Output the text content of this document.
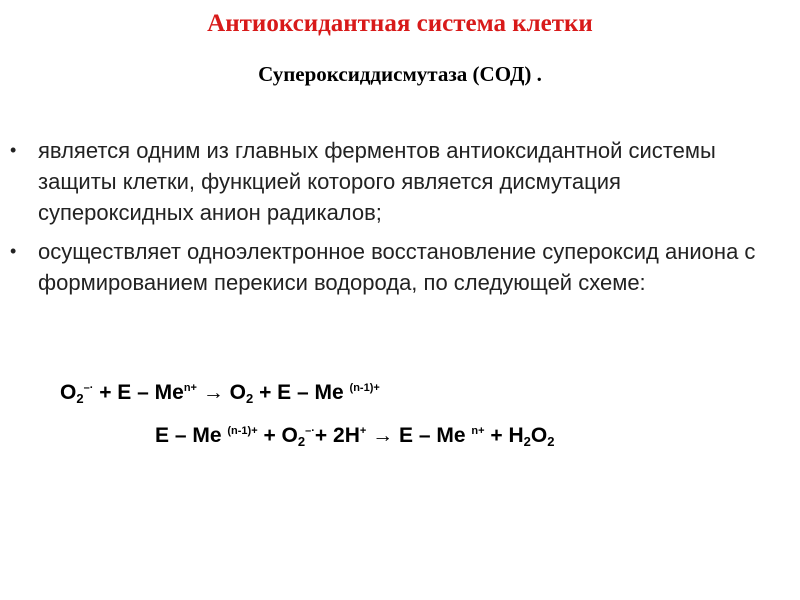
Антиоксидантная система клетки
Супероксиддисмутаза (СОД) .
• является одним из главных ферментов антиоксидантной системы защиты клетки, функцией которого является дисмутация супероксидных анион радикалов;
• осуществляет одноэлектронное восстановление супероксид аниона с формированием перекиси водорода, по следующей схеме:
$O_2^{-\cdot} + E - Me^{n+} \to O_2 + E - Me$ $^{(n-1)+}$
E – Me $^{(n-1)+} + O_2^{-\cdot}+ 2H^+ \to E - Me$ $^{n+} + H_2O_2$
